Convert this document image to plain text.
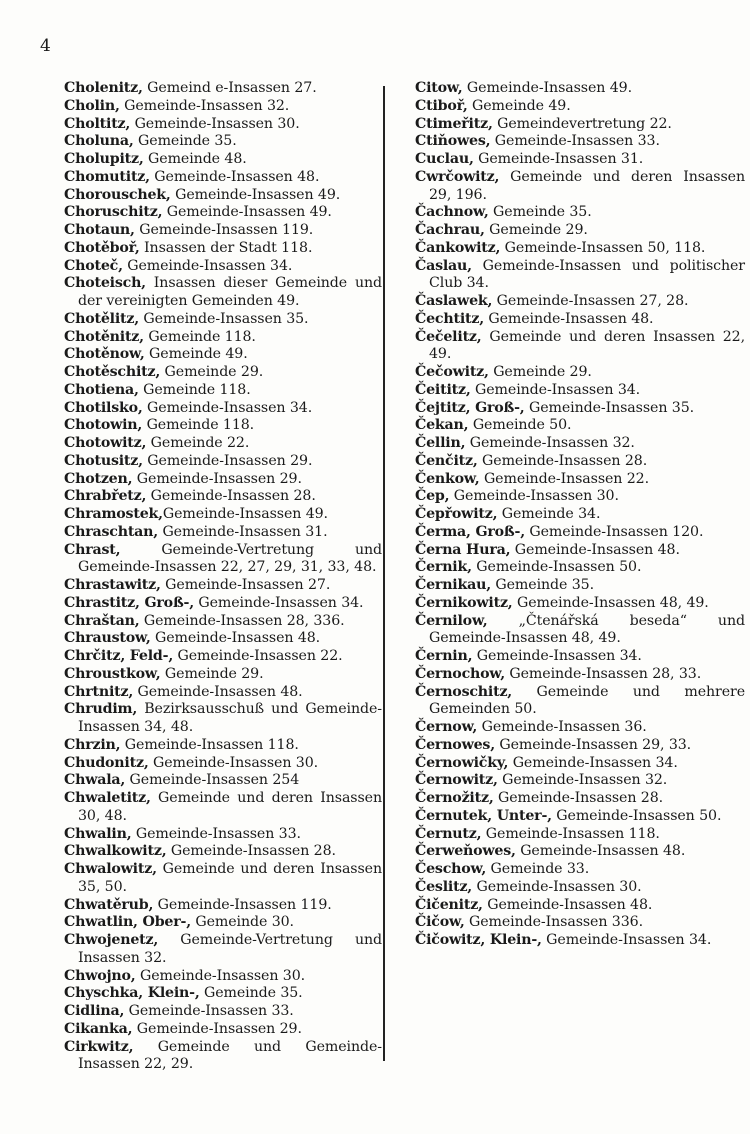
4

Cholenitz, Gemeind e-Insassen 27.

Cholin, Gemeinde-Insassen 32.

Choltitz, Gemeinde-Insassen 30.

Choluna, Gemeinde 35.

Cholupitz, Gemeinde 48.

Chomutitz, Gemeinde-Insassen 48.

Chorouschek, Gemeinde-Insassen 49.

Choruschitz, Gemeinde-Insassen 49.

Chotaun, Gemeinde-Insassen 119.

Chotěboř, Insassen der Stadt 118.

Choteč, Gemeinde-Insassen 34.

Choteisch, Insassen dieser Gemeinde und der vereinigten Gemeinden 49.

Chotělitz, Gemeinde-Insassen 35.

Chotěnitz, Gemeinde 118.

Chotěnow, Gemeinde 49.

Chotěschitz, Gemeinde 29.

Chotiena, Gemeinde 118.

Chotilsko, Gemeinde-Insassen 34.

Chotowin, Gemeinde 118.

Chotowitz, Gemeinde 22.

Chotusitz, Gemeinde-Insassen 29.

Chotzen, Gemeinde-Insassen 29.

Chrabřetz, Gemeinde-Insassen 28.

Chramostek,Gemeinde-Insassen 49.

Chraschtan, Gemeinde-Insassen 31.

Chrast, Gemeinde-Vertretung und Gemeinde-Insassen 22, 27, 29, 31, 33, 48.

Chrastawitz, Gemeinde-Insassen 27.

Chrastitz, Groß-, Gemeinde-Insassen 34.

Chraštan, Gemeinde-Insassen 28, 336.

Chraustow, Gemeinde-Insassen 48.

Chrčitz, Feld-, Gemeinde-Insassen 22.

Chroustkow, Gemeinde 29.

Chrtnitz, Gemeinde-Insassen 48.

Chrudim, Bezirksausschuß und Gemeinde-Insassen 34, 48.

Chrzin, Gemeinde-Insassen 118.

Chudonitz, Gemeinde-Insassen 30.

Chwala, Gemeinde-Insassen 254

Chwaletitz, Gemeinde und deren Insassen 30, 48.

Chwalin, Gemeinde-Insassen 33.

Chwalkowitz, Gemeinde-Insassen 28.

Chwalowitz, Gemeinde und deren Insassen 35, 50.

Chwatěrub, Gemeinde-Insassen 119.

Chwatlin, Ober-, Gemeinde 30.

Chwojenetz, Gemeinde-Vertretung und Insassen 32.

Chwojno, Gemeinde-Insassen 30.

Chyschka, Klein-, Gemeinde 35.

Cidlina, Gemeinde-Insassen 33.

Cikanka, Gemeinde-Insassen 29.

Cirkwitz, Gemeinde und Gemeinde-Insassen 22, 29.

Citow, Gemeinde-Insassen 49.

Ctiboř, Gemeinde 49.

Ctimeřitz, Gemeindevertretung 22.

Ctiňowes, Gemeinde-Insassen 33.

Cuclau, Gemeinde-Insassen 31.

Cwrčowitz, Gemeinde und deren Insassen 29, 196.

Čachnow, Gemeinde 35.

Čachrau, Gemeinde 29.

Čankowitz, Gemeinde-Insassen 50, 118.

Časlau, Gemeinde-Insassen und politischer Club 34.

Časlawek, Gemeinde-Insassen 27, 28.

Čechtitz, Gemeinde-Insassen 48.

Čečelitz, Gemeinde und deren Insassen 22, 49.

Čečowitz, Gemeinde 29.

Čeititz, Gemeinde-Insassen 34.

Čejtitz, Groß-, Gemeinde-Insassen 35.

Čekan, Gemeinde 50.

Čellin, Gemeinde-Insassen 32.

Čenčitz, Gemeinde-Insassen 28.

Čenkow, Gemeinde-Insassen 22.

Čep, Gemeinde-Insassen 30.

Čepřowitz, Gemeinde 34.

Čerma, Groß-, Gemeinde-Insassen 120.

Černa Hura, Gemeinde-Insassen 48.

Černik, Gemeinde-Insassen 50.

Černikau, Gemeinde 35.

Černikowitz, Gemeinde-Insassen 48, 49.

Černilow, „Čtenářská beseda“ und Gemeinde-Insassen 48, 49.

Černin, Gemeinde-Insassen 34.

Černochow, Gemeinde-Insassen 28, 33.

Černoschitz, Gemeinde und mehrere Gemeinden 50.

Černow, Gemeinde-Insassen 36.

Černowes, Gemeinde-Insassen 29, 33.

Černowičky, Gemeinde-Insassen 34.

Černowitz, Gemeinde-Insassen 32.

Černožitz, Gemeinde-Insassen 28.

Černutek, Unter-, Gemeinde-Insassen 50.

Černutz, Gemeinde-Insassen 118.

Čerweňowes, Gemeinde-Insassen 48.

Česchow, Gemeinde 33.

Česlitz, Gemeinde-Insassen 30.

Čičenitz, Gemeinde-Insassen 48.

Čičow, Gemeinde-Insassen 336.

Čičowitz, Klein-, Gemeinde-Insassen 34.
